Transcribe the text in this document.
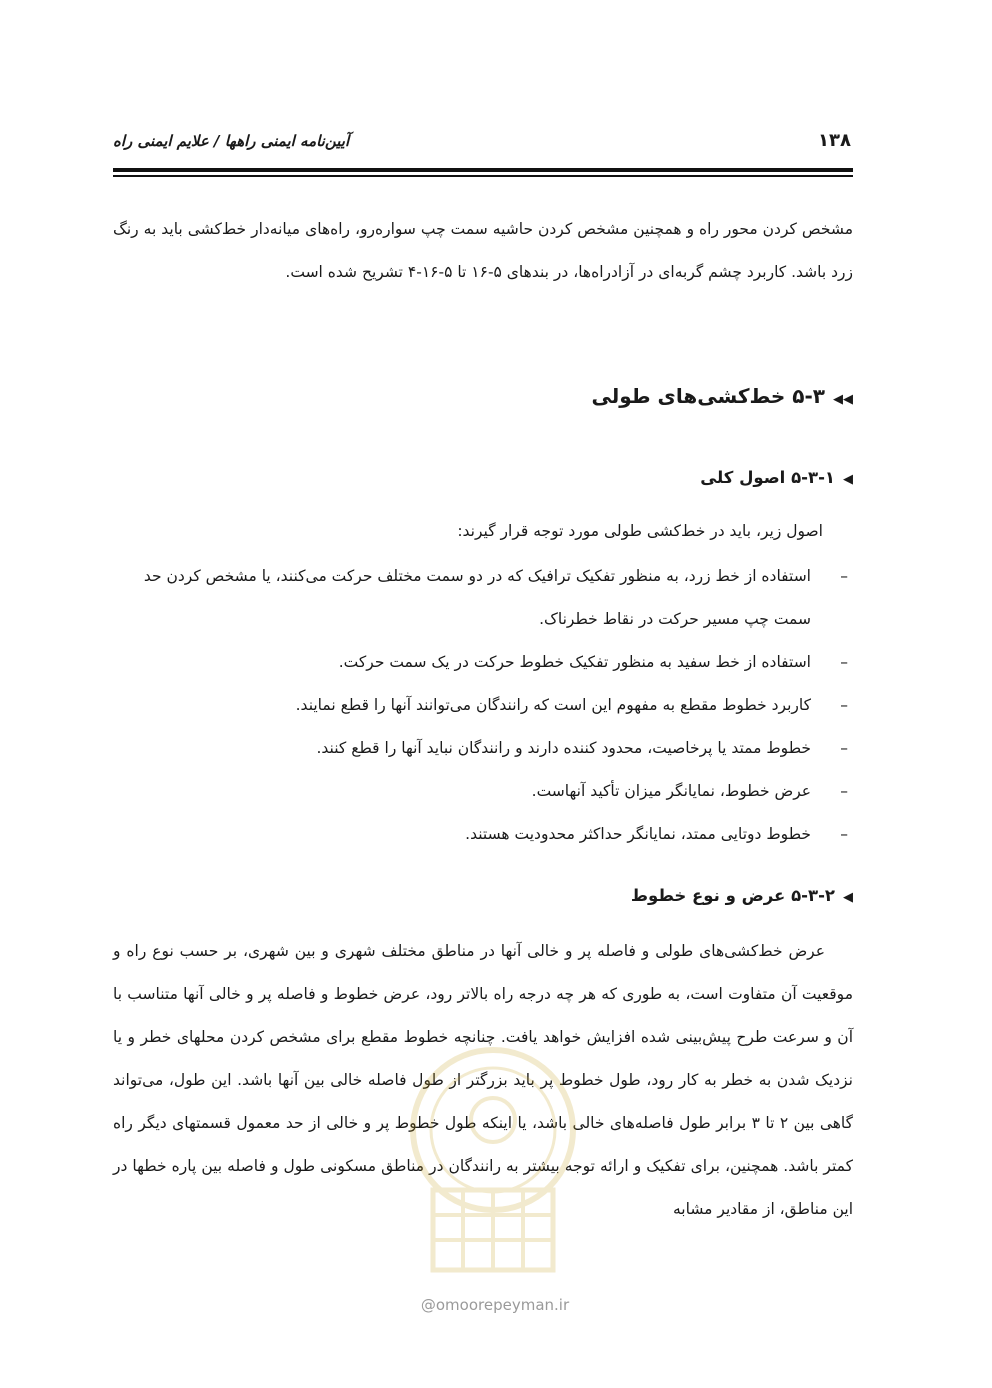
۱۳۸
آیین‌نامه ایمنی راهها / علایم ایمنی راه
مشخص کردن محور راه و همچنین مشخص کردن حاشیه سمت چپ سواره‌رو، راه‌های میانه‌دار خط‌کشی باید به رنگ زرد باشد. کاربرد چشم گربه‌ای در آزادراه‌ها، در بندهای ۵-۱۶ تا ۵-۱۶-۴ تشریح شده است.
◀◀۵-۳ خط‌کشی‌های طولی
◀۵-۳-۱ اصول کلی
اصول زیر، باید در خط‌کشی طولی مورد توجه قرار گیرند:
–
استفاده از خط زرد، به منظور تفکیک ترافیک که در دو سمت مختلف حرکت می‌کنند، یا مشخص کردن حد سمت چپ مسیر حرکت در نقاط خطرناک.
–
استفاده از خط سفید به منظور تفکیک خطوط حرکت در یک سمت حرکت.
–
کاربرد خطوط مقطع به مفهوم این است که رانندگان می‌توانند آنها را قطع نمایند.
–
خطوط ممتد یا پرخاصیت، محدود کننده دارند و رانندگان نباید آنها را قطع کنند.
–
عرض خطوط، نمایانگر میزان تأکید آنهاست.
–
خطوط دوتایی ممتد، نمایانگر حداکثر محدودیت هستند.
◀۵-۳-۲ عرض و نوع خطوط
عرض خط‌کشی‌های طولی و فاصله پر و خالی آنها در مناطق مختلف شهری و بین شهری، بر حسب نوع راه و موقعیت آن متفاوت است، به طوری که هر چه درجه راه بالاتر رود، عرض خطوط و فاصله پر و خالی آنها متناسب با آن و سرعت طرح پیش‌بینی شده افزایش خواهد یافت. چنانچه خطوط مقطع برای مشخص کردن محلهای خطر و یا نزدیک شدن به خطر به کار رود، طول خطوط پر باید بزرگتر از طول فاصله خالی بین آنها باشد. این طول، می‌تواند گاهی بین ۲ تا ۳ برابر طول فاصله‌های خالی باشد، یا اینکه طول خطوط پر و خالی از حد معمول قسمتهای دیگر راه کمتر باشد. همچنین، برای تفکیک و ارائه توجه بیشتر به رانندگان در مناطق مسکونی طول و فاصله بین پاره خطها در این مناطق، از مقادیر مشابه
@omoorepeyman.ir
